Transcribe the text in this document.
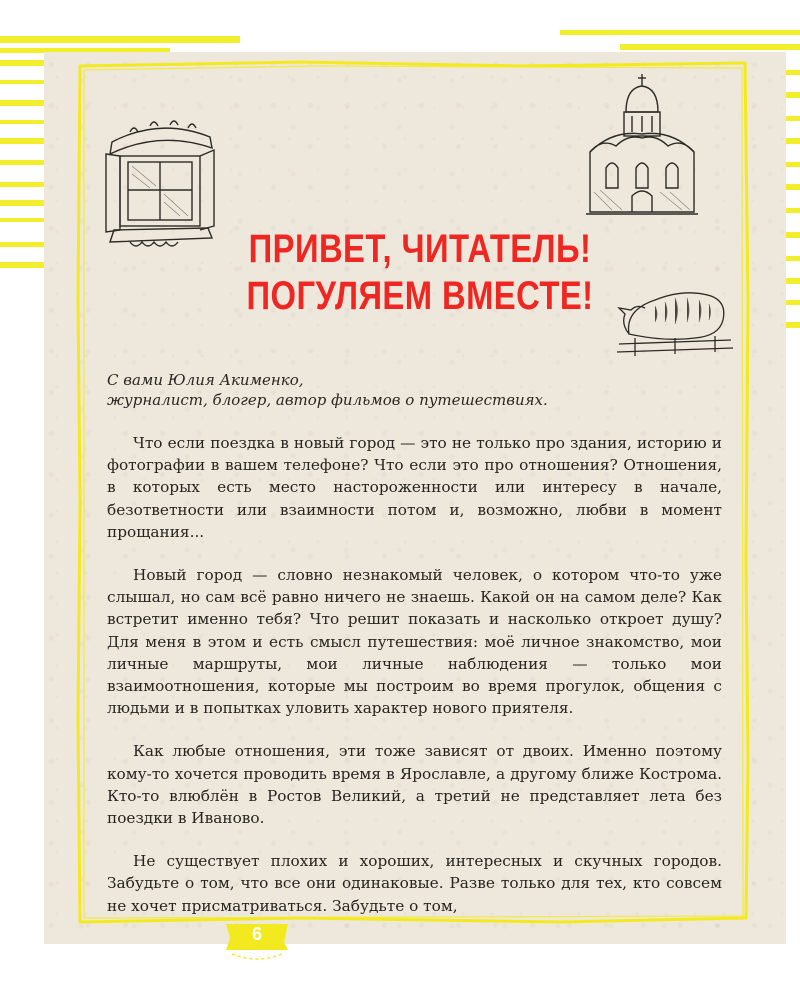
ПРИВЕТ, ЧИТАТЕЛЬ!
ПОГУЛЯЕМ ВМЕСТЕ!
С вами Юлия Акименко,
журналист, блогер, автор фильмов о путешествиях.

Что если поездка в новый город — это не только про здания, историю и фотографии в вашем телефоне? Что если это про отношения? Отношения, в которых есть место настороженности или интересу в начале, безответности или взаимности потом и, возможно, любви в момент прощания...

Новый город — словно незнакомый человек, о котором что-то уже слышал, но сам всё равно ничего не знаешь. Какой он на самом деле? Как встретит именно тебя? Что решит показать и насколько откроет душу? Для меня в этом и есть смысл путешествия: моё личное знакомство, мои личные маршруты, мои личные наблюдения — только мои взаимоотношения, которые мы построим во время прогулок, общения с людьми и в попытках уловить характер нового приятеля.

Как любые отношения, эти тоже зависят от двоих. Именно поэтому кому-то хочется проводить время в Ярославле, а другому ближе Кострома. Кто-то влюблён в Ростов Великий, а третий не представляет лета без поездки в Иваново.

Не существует плохих и хороших, интересных и скучных городов. Забудьте о том, что все они одинаковые. Разве только для тех, кто совсем не хочет присматриваться. Забудьте о том,

6
